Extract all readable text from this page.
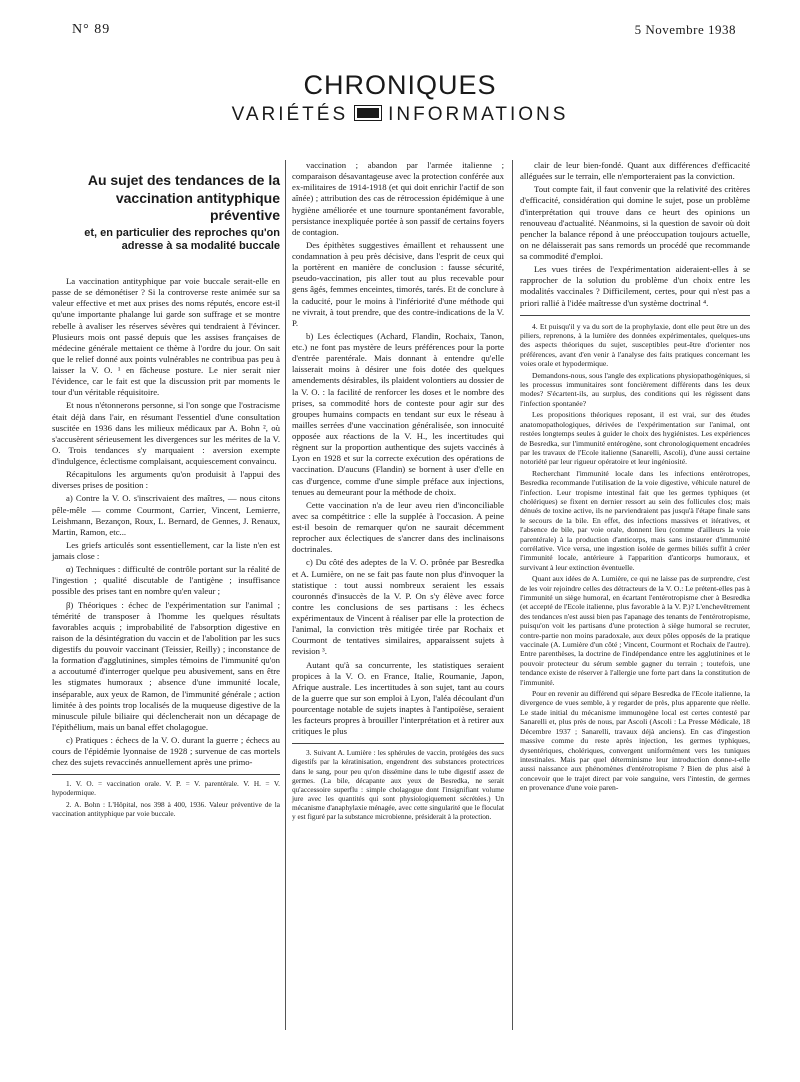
N° 89	5 Novembre 1938
CHRONIQUES
VARIÉTÉS INFORMATIONS
Au sujet des tendances de la vaccination antityphique préventive
et, en particulier des reproches qu'on adresse à sa modalité buccale

La vaccination antityphique par voie buccale serait-elle en passe de se démonétiser ? Si la controverse reste animée sur sa valeur effective et met aux prises des noms réputés, encore est-il qu'une importante phalange lui garde son suffrage et se montre rebelle à avaliser les réserves sévères qui tendraient à l'évincer. Plusieurs mois ont passé depuis que les assises françaises de médecine générale mettaient ce thème à l'ordre du jour. On sait que le relief donné aux points vulnérables ne contribua pas peu à laisser la V. O. ¹ en fâcheuse posture. Le nier serait nier l'évidence, car le fait est que la discussion prit par moments le tour d'un véritable réquisitoire.

Et nous n'étonnerons personne, si l'on songe que l'ostracisme était déjà dans l'air, en résumant l'essentiel d'une consultation suscitée en 1936 dans les milieux médicaux par A. Bohn ², où s'accusèrent sérieusement les divergences sur les mérites de la V. O. Trois tendances s'y marquaient : aversion exempte d'indulgence, éclectisme complaisant, acquiescement convaincu.

Récapitulons les arguments qu'on produisit à l'appui des diverses prises de position :

a) Contre la V. O. s'inscrivaient des maîtres, — nous citons pêle-mêle — comme Courmont, Carrier, Vincent, Lemierre, Leishmann, Bezançon, Roux, L. Bernard, de Gennes, J. Renaux, Martin, Ramon, etc...

Les griefs articulés sont essentiellement, car la liste n'en est jamais close :

α) Techniques : difficulté de contrôle portant sur la réalité de l'ingestion ; qualité discutable de l'antigène ; insuffisance possible des prises tant en nombre qu'en valeur ;

β) Théoriques : échec de l'expérimentation sur l'animal ; témérité de transposer à l'homme les quelques résultats favorables acquis ; improbabilité de l'absorption digestive en raison de la désintégration du vaccin et de l'abolition par les sucs digestifs du pouvoir vaccinant (Teissier, Reilly) ; inconstance de la formation d'agglutinines, simples témoins de l'immunité qu'on a accoutumé d'interroger quelque peu abusivement, sans en être les stigmates humoraux ; absence d'une immunité locale, inséparable, aux yeux de Ramon, de l'immunité générale ; action limitée à des points trop localisés de la muqueuse digestive de la minuscule pilule biliaire qui déclencherait non un décapage de l'épithélium, mais un banal effet cholagogue.

c) Pratiques : échecs de la V. O. durant la guerre ; échecs au cours de l'épidémie lyonnaise de 1928 ; survenue de cas mortels chez des sujets revaccinés annuellement après une primo-

1. V. O. = vaccination orale. V. P. = V. parentérale. V. H. = V. hypodermique.

2. A. Bohn : L'Hôpital, nos 398 à 400, 1936. Valeur préventive de la vaccination antityphique par voie buccale.

vaccination ; abandon par l'armée italienne ; comparaison désavantageuse avec la protection conférée aux ex-militaires de 1914-1918 (et qui doit enrichir l'actif de son aînée) ; attribution des cas de rétrocession épidémique à une hygiène améliorée et une tournure spontanément favorable, persistance inexpliquée portée à son passif de certains foyers de contagion.

Des épithètes suggestives émaillent et rehaussent une condamnation à peu près décisive, dans l'esprit de ceux qui la portèrent en manière de conclusion : fausse sécurité, pseudo-vaccination, pis aller tout au plus recevable pour gens âgés, femmes enceintes, timorés, tarés. Et de conclure à la caducité, pour le moins à l'infériorité d'une méthode qui ne vivrait, à tout prendre, que des contre-indications de la V. P.

b) Les éclectiques (Achard, Flandin, Rochaix, Tanon, etc.) ne font pas mystère de leurs préférences pour la porte d'entrée parentérale. Mais donnant à entendre qu'elle laisserait moins à désirer une fois dotée des quelques amendements désirables, ils plaident volontiers au dossier de la V. O. : la facilité de renforcer les doses et le nombre des prises, sa commodité hors de conteste pour agir sur des groupes humains compacts en tendant sur eux le réseau à mailles serrées d'une vaccination généralisée, son innocuité opposée aux réactions de la V. H., les incertitudes qui règnent sur la proportion authentique des sujets vaccinés à Lyon en 1928 et sur la correcte exécution des opérations de vaccination. D'aucuns (Flandin) se bornent à user d'elle en cas d'urgence, comme d'une simple préface aux injections, tenues au demeurant pour la méthode de choix.

Cette vaccination n'a de leur aveu rien d'inconciliable avec sa compétitrice : elle la supplée à l'occasion. A peine est-il besoin de remarquer qu'on ne saurait décemment reprocher aux éclectiques de s'ancrer dans des inclinaisons doctrinales.

c) Du côté des adeptes de la V. O. prônée par Besredka et A. Lumière, on ne se fait pas faute non plus d'invoquer la statistique : tout aussi nombreux seraient les essais couronnés d'insuccès de la V. P. On s'y élève avec force contre les conclusions de ses partisans : les échecs expérimentaux de Vincent à réaliser par elle la protection de l'animal, la conviction très mitigée tirée par Rochaix et Courmont de tentatives similaires, apparaissent sujets à revision ³.

Autant qu'à sa concurrente, les statistiques seraient propices à la V. O. en France, Italie, Roumanie, Japon, Afrique australe. Les incertitudes à son sujet, tant au cours de la guerre que sur son emploi à Lyon, l'aléa découlant d'un pourcentage notable de sujets inaptes à l'antipoïèse, seraient les facteurs propres à brouiller l'interprétation et à retirer aux critiques le plus

3. Suivant A. Lumière : les sphérules de vaccin, protégées des sucs digestifs par la kératinisation, engendrent des substances protectrices dans le sang, pour peu qu'on dissémine dans le tube digestif assez de germes. (La bile, décapante aux yeux de Besredka, ne serait qu'accessoire superflu : simple cholagogue dont l'insignifiant volume jure avec les quantités qui sont physiologiquement sécrétées.) Un mécanisme d'anaphylaxie ménagée, avec cette singularité que le floculat y est figuré par la substance microbienne, présiderait à la protection.

clair de leur bien-fondé. Quant aux différences d'efficacité alléguées sur le terrain, elle n'emporteraient pas la conviction.

Tout compte fait, il faut convenir que la relativité des critères d'efficacité, considération qui domine le sujet, pose un problème d'interprétation qui trouve dans ce heurt des opinions un renouveau d'actualité. Néanmoins, si la question de savoir où doit pencher la balance répond à une préoccupation toujours actuelle, on ne délaisserait pas sans remords un procédé que recommande sa commodité d'emploi.

Les vues tirées de l'expérimentation aideraient-elles à se rapprocher de la solution du problème d'un choix entre les modalités vaccinales ? Difficilement, certes, pour qui n'est pas a priori rallié à l'idée maîtresse d'un système doctrinal ⁴.

4. Et puisqu'il y va du sort de la prophylaxie, dont elle peut être un des piliers, reprenons, à la lumière des données expérimentales, quelques-uns des aspects théoriques du sujet, susceptibles peut-être d'orienter nos préférences, avant d'en venir à l'analyse des faits pratiques concernant les voies orale et hypodermique.

Demandons-nous, sous l'angle des explications physiopathogéniques, si les processus immunitaires sont foncièrement différents dans les deux modes? S'écartent-ils, au surplus, des conditions qui les régissent dans l'infection spontanée?

Les propositions théoriques reposant, il est vrai, sur des études anatomopathologiques, dérivées de l'expérimentation sur l'animal, ont restées longtemps seules à guider le choix des hygiénistes. Les expériences de Besredka, sur l'immunité entérogène, sont chronologiquement encadrées par les travaux de l'Ecole italienne (Sanarelli, Ascoli), d'une aussi certaine notoriété par leur rigueur opératoire et leur ingéniosité.

Recherchant l'immunité locale dans les infections entérotropes, Besredka recommande l'utilisation de la voie digestive, véhicule naturel de l'infection. Leur tropisme intestinal fait que les germes typhiques (et cholériques) se fixent en dernier ressort au sein des follicules clos; mais dénués de toxine active, ils ne parviendraient pas jusqu'à l'étape finale sans le secours de la bile. En effet, des infections massives et itératives, et l'absence de bile, par voie orale, donnent lieu (comme d'ailleurs la voie parentérale) à la production d'anticorps, mais sans instaurer d'immunité corrélative. Vice versa, une ingestion isolée de germes biliés suffit à créer l'immunité locale, antérieure à l'apparition d'anticorps humoraux, et survivant à leur extinction éventuelle.

Quant aux idées de A. Lumière, ce qui ne laisse pas de surprendre, c'est de les voir rejoindre celles des détracteurs de la V. O.: Le prétent-elles pas à l'immunité un siège humoral, en écartant l'entérotropisme cher à Besredka (et accepté de l'Ecole italienne, plus favorable à la V. P.)? L'enchevêtrement des tendances n'est aussi bien pas l'apanage des tenants de l'entérotropisme, puisqu'on voit les partisans d'une protection à siège humoral se recruter, contre-partie non moins paradoxale, aux deux pôles opposés de la pratique vaccinale (A. Lumière d'un côté ; Vincent, Courmont et Rochaix de l'autre). Entre parenthèses, la doctrine de l'indépendance entre les agglutinines et le pouvoir protecteur du sérum semble gagner du terrain ; toutefois, une tendance existe de réserver à l'allergie une forte part dans la constitution de l'immunité.

Pour en revenir au différend qui sépare Besredka de l'Ecole italienne, la divergence de vues semble, à y regarder de près, plus apparente que réelle. Le stade initial du mécanisme immunogène local est certes contesté par Sanarelli et, plus près de nous, par Ascoli (Ascoli : La Presse Médicale, 18 Décembre 1937 ; Sanarelli, travaux déjà anciens). En cas d'ingestion massive comme du reste après injection, les germes typhiques, dysentériques, cholériques, convergent uniformément vers les tuniques intestinales. Mais par quel déterminisme leur introduction donne-t-elle aussi naissance aux phénomènes d'entérotropisme ? Bien de plus aisé à concevoir que le trajet direct par voie sanguine, vers l'intestin, de germes en provenance d'une voie paren-
